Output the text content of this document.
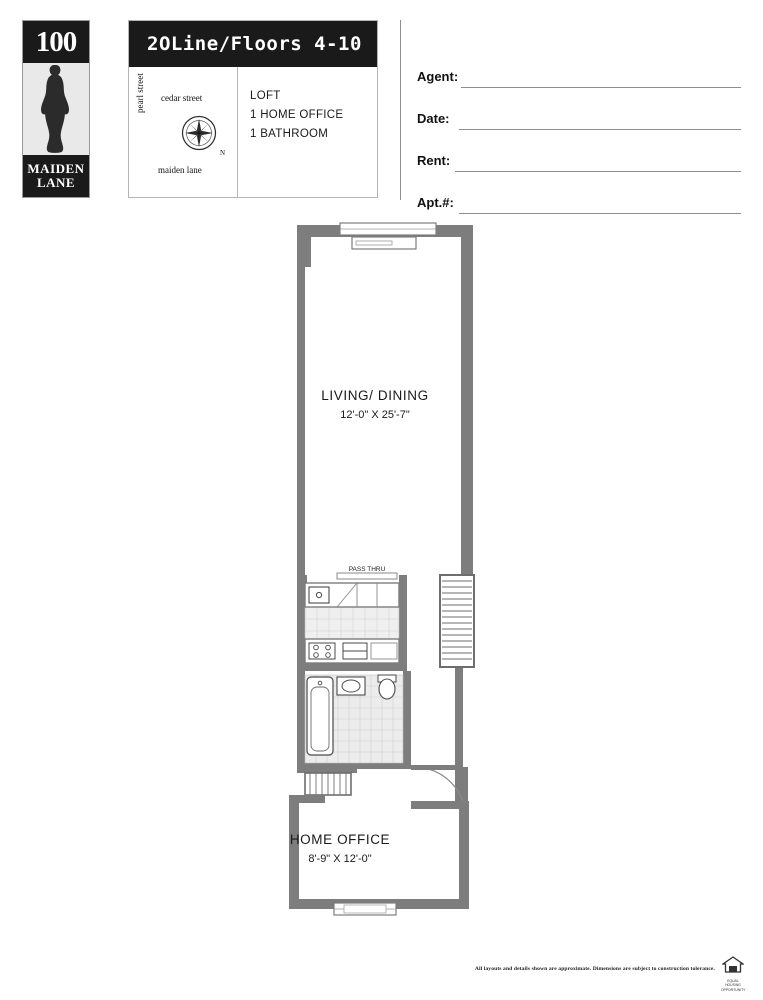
100
MAIDEN
LANE
2OLine/Floors 4-10
cedar street
pearl street
maiden lane
N
LOFT
1 HOME OFFICE
1 BATHROOM
Agent:
Date:
Rent:
Apt.#:
LIVING/ DINING
12'-0" X 25'-7"
PASS THRU
HOME OFFICE
8'-9" X 12'-0"
All layouts and details shown are approximate. Dimensions are subject to construction tolerance.
EQUAL HOUSING
OPPORTUNITY
